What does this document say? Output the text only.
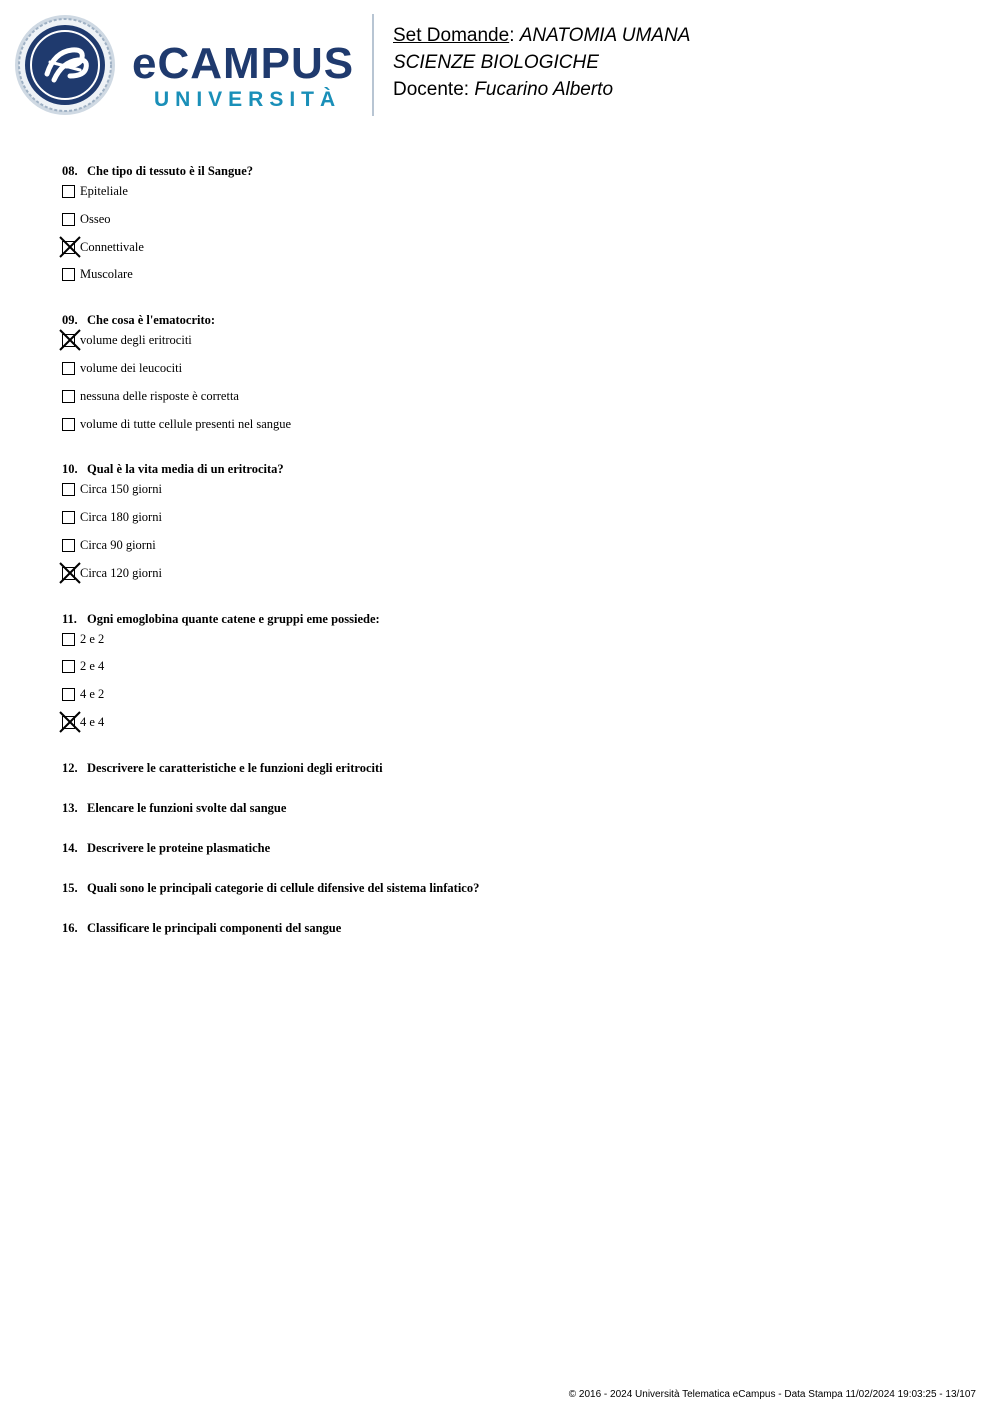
eCAMPUS
UNIVERSITÀ
Set Domande: ANATOMIA UMANA
SCIENZE BIOLOGICHE
Docente: Fucarino Alberto
08. Che tipo di tessuto è il Sangue?
Epiteliale
Osseo
Connettivale
Muscolare
09. Che cosa è l'ematocrito:
volume degli eritrociti
volume dei leucociti
nessuna delle risposte è corretta
volume di tutte cellule presenti nel sangue
10. Qual è la vita media di un eritrocita?
Circa 150 giorni
Circa 180 giorni
Circa 90 giorni
Circa 120 giorni
11. Ogni emoglobina quante catene e gruppi eme possiede:
2 e 2
2 e 4
4 e 2
4 e 4
12. Descrivere le caratteristiche e le funzioni degli eritrociti
13. Elencare le funzioni svolte dal sangue
14. Descrivere le proteine plasmatiche
15. Quali sono le principali categorie di cellule difensive del sistema linfatico?
16. Classificare le principali componenti del sangue
© 2016 - 2024 Università Telematica eCampus - Data Stampa 11/02/2024 19:03:25 - 13/107
